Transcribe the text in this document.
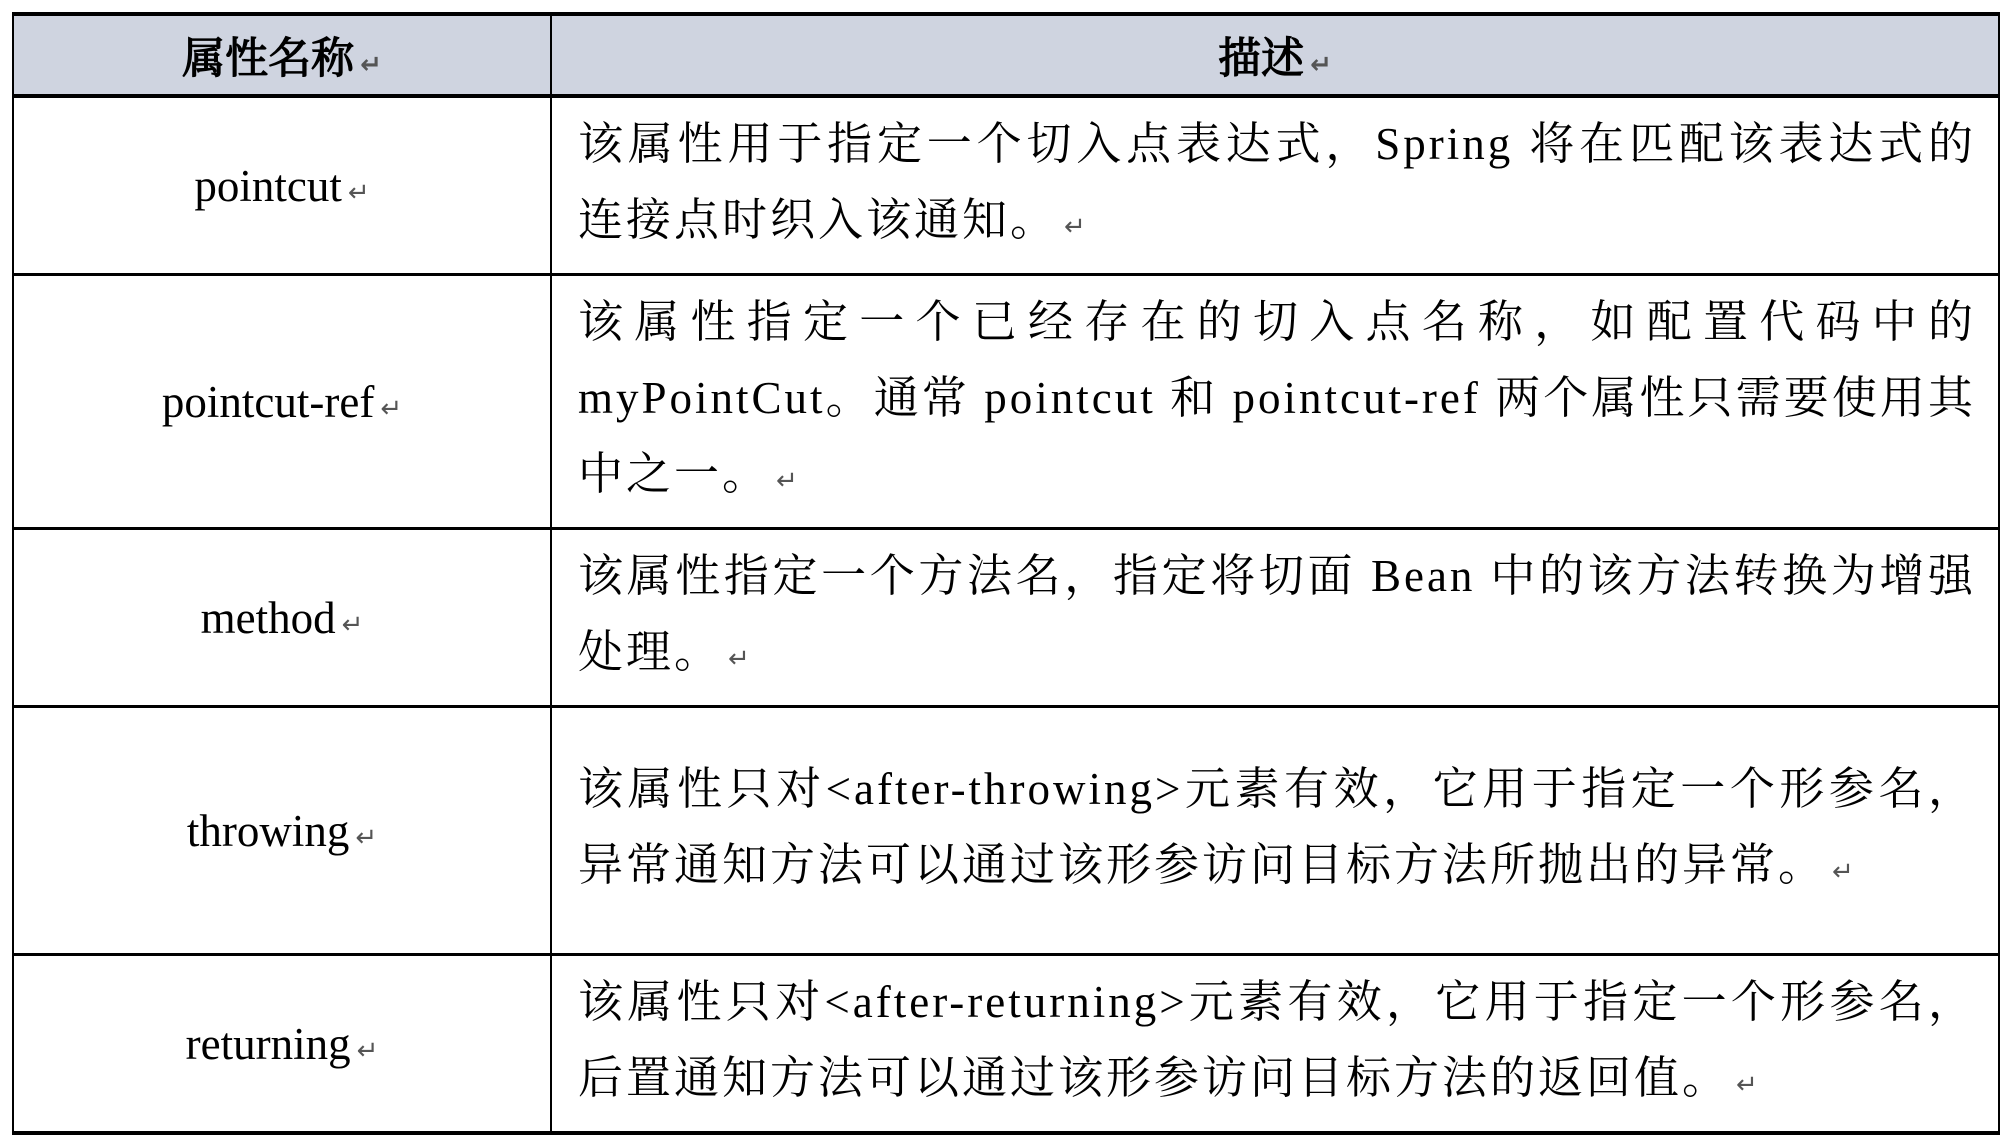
属性名称 ↵	描述 ↵
pointcut ↵	该属性用于指定一个切入点表达式，Spring 将在匹配该表达式的连接点时织入该通知。 ↵
pointcut-ref ↵	该属性指定一个已经存在的切入点名称，如配置代码中的 myPointCut。通常 pointcut 和 pointcut-ref 两个属性只需要使用其中之一。 ↵
method ↵	该属性指定一个方法名，指定将切面 Bean 中的该方法转换为增强处理。 ↵
throwing ↵	该属性只对<after-throwing>元素有效，它用于指定一个形参名，异常通知方法可以通过该形参访问目标方法所抛出的异常。 ↵
returning ↵	该属性只对<after-returning>元素有效，它用于指定一个形参名，后置通知方法可以通过该形参访问目标方法的返回值。 ↵
